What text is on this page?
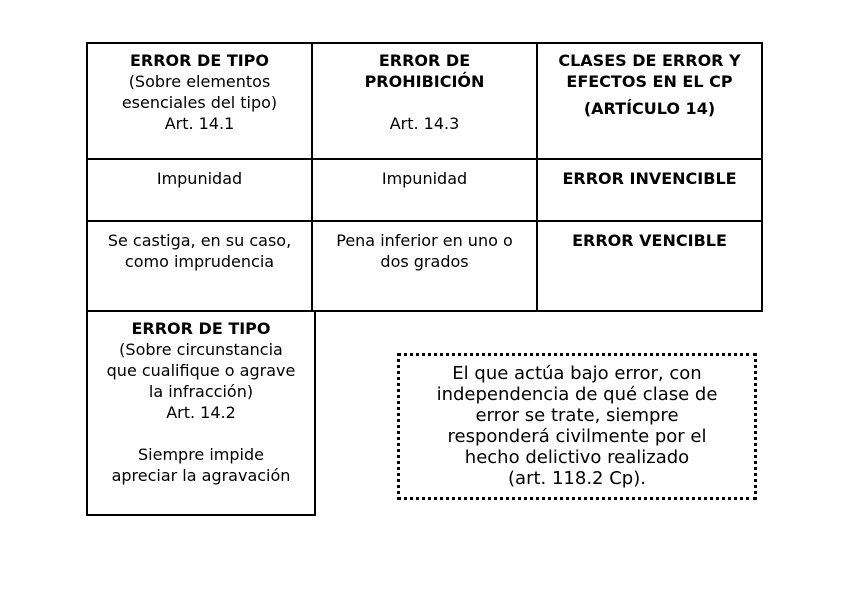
ERROR DE TIPO
(Sobre elementos
esenciales del tipo)
Art. 14.1
ERROR DE
PROHIBICIÓN
Art. 14.3
CLASES DE ERROR Y
EFECTOS EN EL CP
(ARTÍCULO 14)
Impunidad	Impunidad	ERROR INVENCIBLE
Se castiga, en su caso,
como imprudencia
Pena inferior en uno o
dos grados
ERROR VENCIBLE
ERROR DE TIPO
(Sobre circunstancia
que cualifique o agrave
la infracción)
Art. 14.2
Siempre impide
apreciar la agravación
El que actúa bajo error, con
independencia de qué clase de
error se trate, siempre
responderá civilmente por el
hecho delictivo realizado
(art. 118.2 Cp).
